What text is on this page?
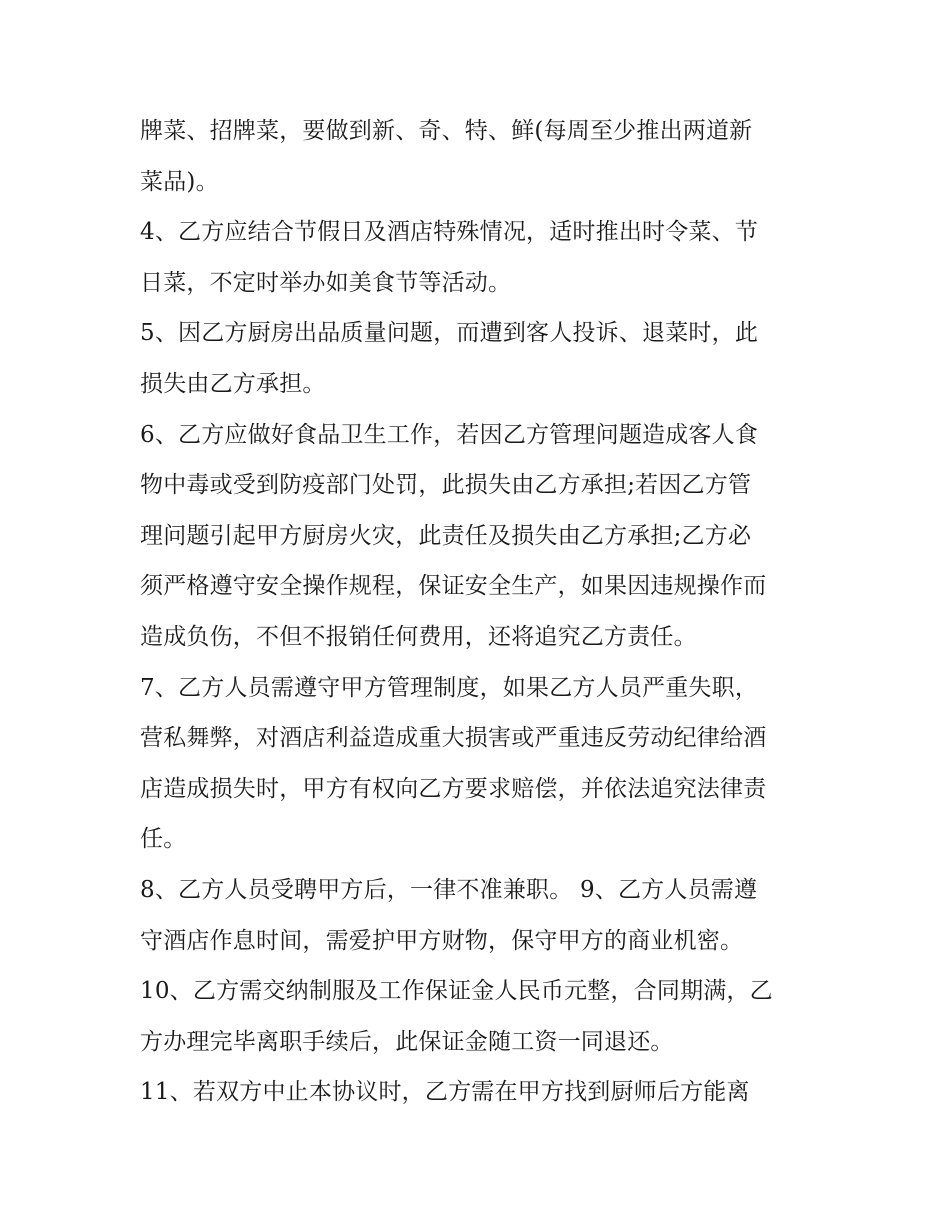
牌菜、招牌菜，要做到新、奇、特、鲜(每周至少推出两道新
菜品)。
4、乙方应结合节假日及酒店特殊情况，适时推出时令菜、节
日菜，不定时举办如美食节等活动。
5、因乙方厨房出品质量问题，而遭到客人投诉、退菜时，此
损失由乙方承担。
6、乙方应做好食品卫生工作，若因乙方管理问题造成客人食
物中毒或受到防疫部门处罚，此损失由乙方承担;若因乙方管
理问题引起甲方厨房火灾，此责任及损失由乙方承担;乙方必
须严格遵守安全操作规程，保证安全生产，如果因违规操作而
造成负伤，不但不报销任何费用，还将追究乙方责任。
7、乙方人员需遵守甲方管理制度，如果乙方人员严重失职，
营私舞弊，对酒店利益造成重大损害或严重违反劳动纪律给酒
店造成损失时，甲方有权向乙方要求赔偿，并依法追究法律责
任。
8、乙方人员受聘甲方后，一律不准兼职。 9、乙方人员需遵
守酒店作息时间，需爱护甲方财物，保守甲方的商业机密。
10、乙方需交纳制服及工作保证金人民币元整，合同期满，乙
方办理完毕离职手续后，此保证金随工资一同退还。
11、若双方中止本协议时，乙方需在甲方找到厨师后方能离
